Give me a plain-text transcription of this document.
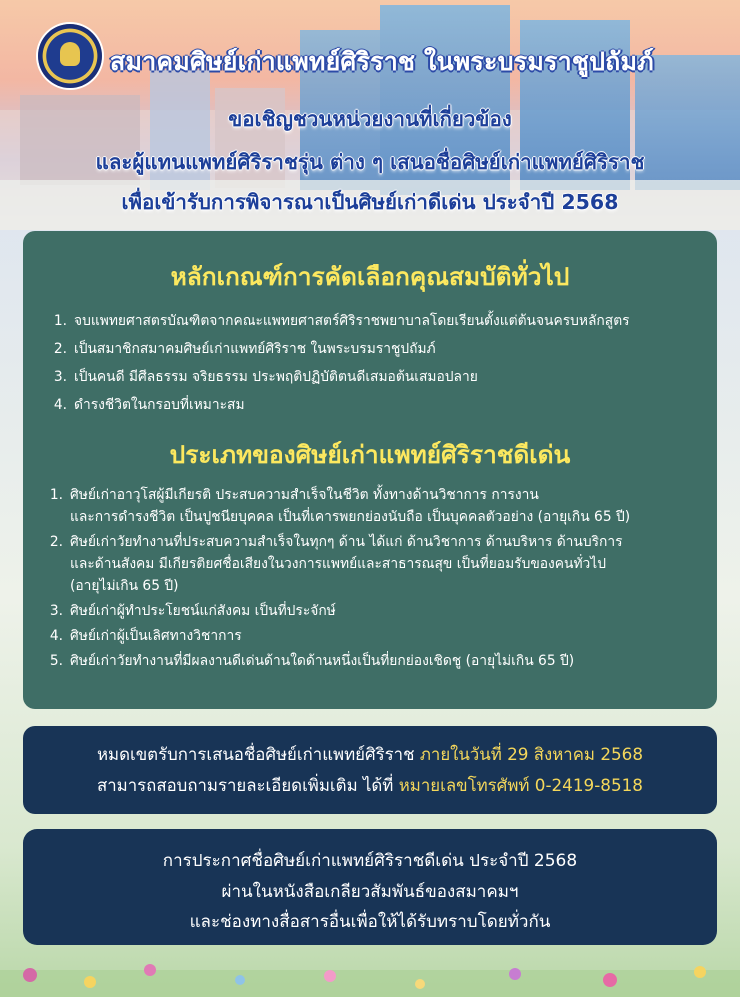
สมาคมศิษย์เก่าแพทย์ศิริราช ในพระบรมราชูปถัมภ์
ขอเชิญชวนหน่วยงานที่เกี่ยวข้อง
และผู้แทนแพทย์ศิริราชรุ่น ต่าง ๆ เสนอชื่อศิษย์เก่าแพทย์ศิริราช
เพื่อเข้ารับการพิจารณาเป็นศิษย์เก่าดีเด่น ประจำปี 2568
หลักเกณฑ์การคัดเลือกคุณสมบัติทั่วไป
1. จบแพทยศาสตรบัณฑิตจากคณะแพทยศาสตร์ศิริราชพยาบาลโดยเรียนตั้งแต่ต้นจนครบหลักสูตร
2. เป็นสมาชิกสมาคมศิษย์เก่าแพทย์ศิริราช ในพระบรมราชูปถัมภ์
3. เป็นคนดี มีศีลธรรม จริยธรรม ประพฤติปฏิบัติตนดีเสมอต้นเสมอปลาย
4. ดำรงชีวิตในกรอบที่เหมาะสม
ประเภทของศิษย์เก่าแพทย์ศิริราชดีเด่น
1. ศิษย์เก่าอาวุโสผู้มีเกียรติ ประสบความสำเร็จในชีวิต ทั้งทางด้านวิชาการ การงาน
และการดำรงชีวิต เป็นปูชนียบุคคล เป็นที่เคารพยกย่องนับถือ เป็นบุคคลตัวอย่าง (อายุเกิน 65 ปี)
2. ศิษย์เก่าวัยทำงานที่ประสบความสำเร็จในทุกๆ ด้าน ได้แก่ ด้านวิชาการ ด้านบริหาร ด้านบริการ
และด้านสังคม มีเกียรติยศชื่อเสียงในวงการแพทย์และสาธารณสุข เป็นที่ยอมรับของคนทั่วไป
(อายุไม่เกิน 65 ปี)
3. ศิษย์เก่าผู้ทำประโยชน์แก่สังคม เป็นที่ประจักษ์
4. ศิษย์เก่าผู้เป็นเลิศทางวิชาการ
5. ศิษย์เก่าวัยทำงานที่มีผลงานดีเด่นด้านใดด้านหนึ่งเป็นที่ยกย่องเชิดชู (อายุไม่เกิน 65 ปี)
หมดเขตรับการเสนอชื่อศิษย์เก่าแพทย์ศิริราช ภายในวันที่ 29 สิงหาคม 2568
สามารถสอบถามรายละเอียดเพิ่มเติม ได้ที่ หมายเลขโทรศัพท์ 0-2419-8518
การประกาศชื่อศิษย์เก่าแพทย์ศิริราชดีเด่น ประจำปี 2568
ผ่านในหนังสือเกลียวสัมพันธ์ของสมาคมฯ
และช่องทางสื่อสารอื่นเพื่อให้ได้รับทราบโดยทั่วกัน
